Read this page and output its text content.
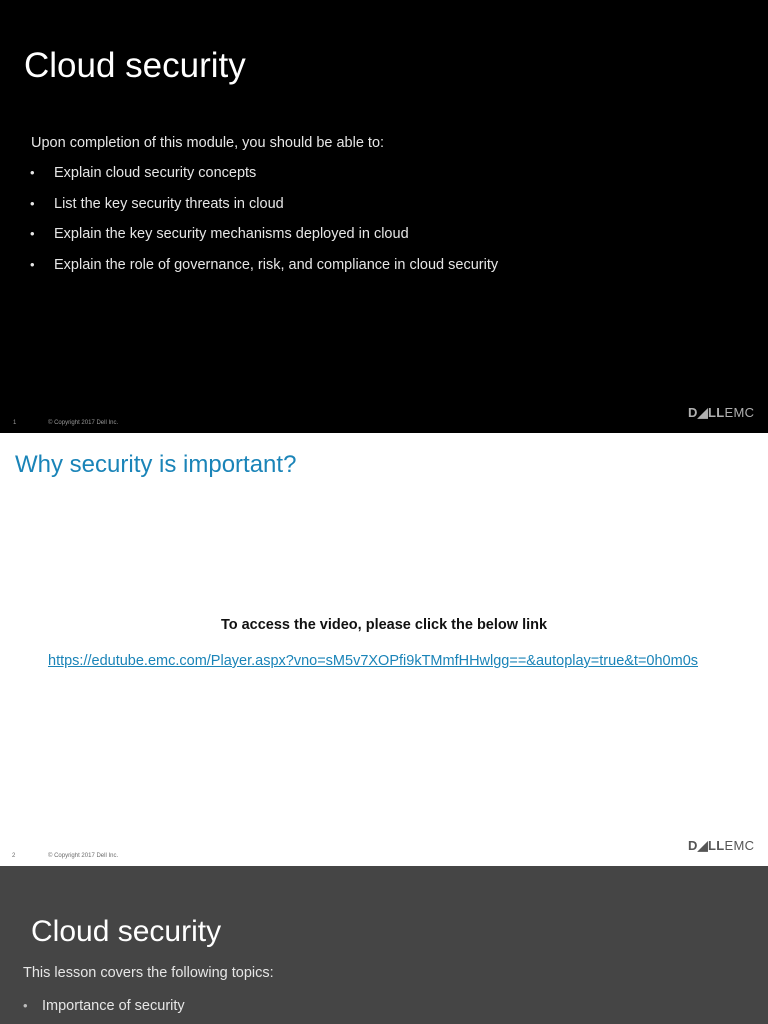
Cloud security
Upon completion of this module, you should be able to:
• Explain cloud security concepts
• List the key security threats in cloud
• Explain the key security mechanisms deployed in cloud
• Explain the role of governance, risk, and compliance in cloud security
1	© Copyright 2017 Dell Inc.
D◢LLEMC
Why security is important?
To access the video, please click the below link
https://edutube.emc.com/Player.aspx?vno=sM5v7XOPfi9kTMmfHHwlgg==&autoplay=true&t=0h0m0s
2	© Copyright 2017 Dell Inc.
D◢LLEMC
Cloud security
This lesson covers the following topics:
• Importance of security
